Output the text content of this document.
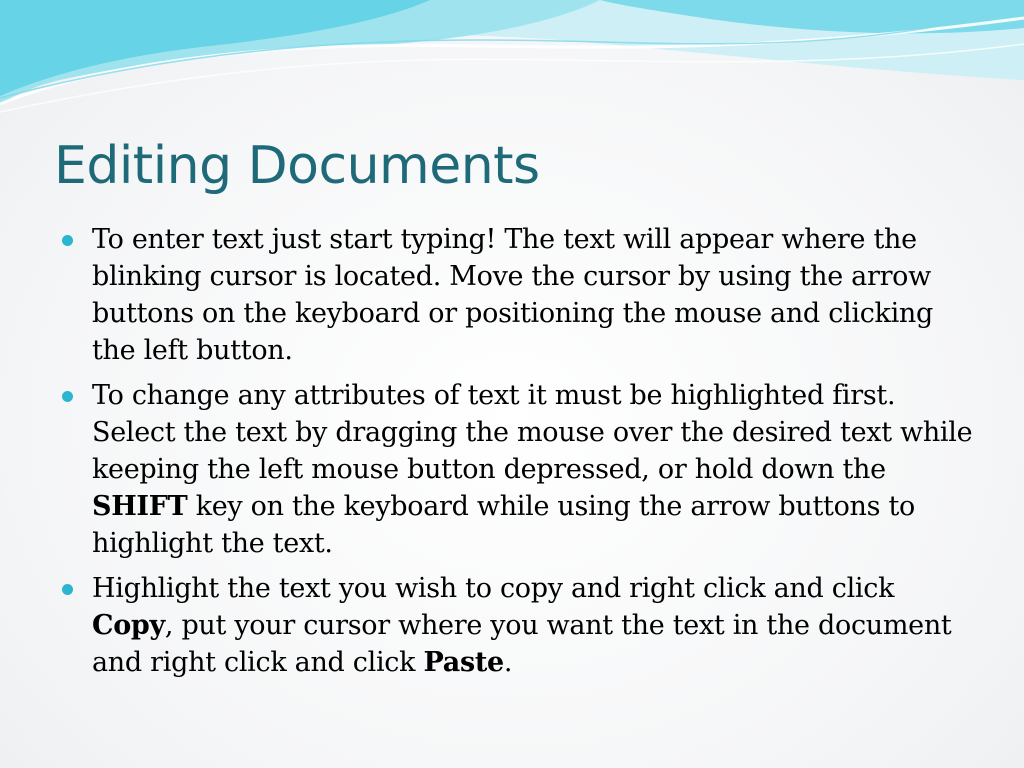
Editing Documents
To enter text just start typing! The text will appear where the blinking cursor is located. Move the cursor by using the arrow buttons on the keyboard or positioning the mouse and clicking the left button.
To change any attributes of text it must be highlighted first. Select the text by dragging the mouse over the desired text while keeping the left mouse button depressed, or hold down the SHIFT key on the keyboard while using the arrow buttons to highlight the text.
Highlight the text you wish to copy and right click and click Copy, put your cursor where you want the text in the document and right click and click Paste.
